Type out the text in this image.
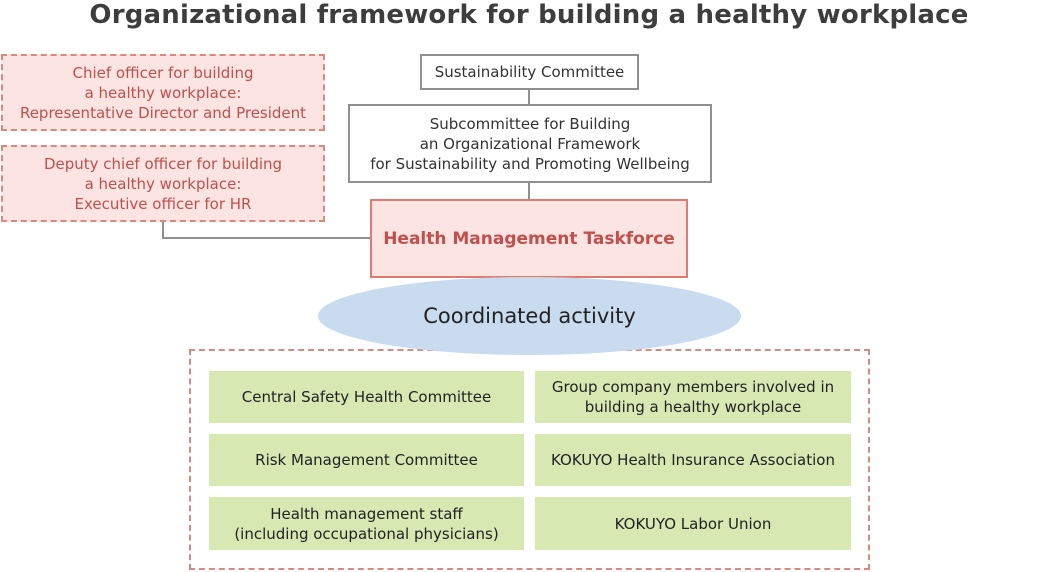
Organizational framework for building a healthy workplace
Chief officer for building
a healthy workplace:
Representative Director and President
Deputy chief officer for building
a healthy workplace:
Executive officer for HR
Sustainability Committee
Subcommittee for Building
an Organizational Framework
for Sustainability and Promoting Wellbeing
Health Management Taskforce
Coordinated activity
Central Safety Health Committee
Group company members involved in
building a healthy workplace
Risk Management Committee	KOKUYO Health Insurance Association
Health management staff
(including occupational physicians)
KOKUYO Labor Union
